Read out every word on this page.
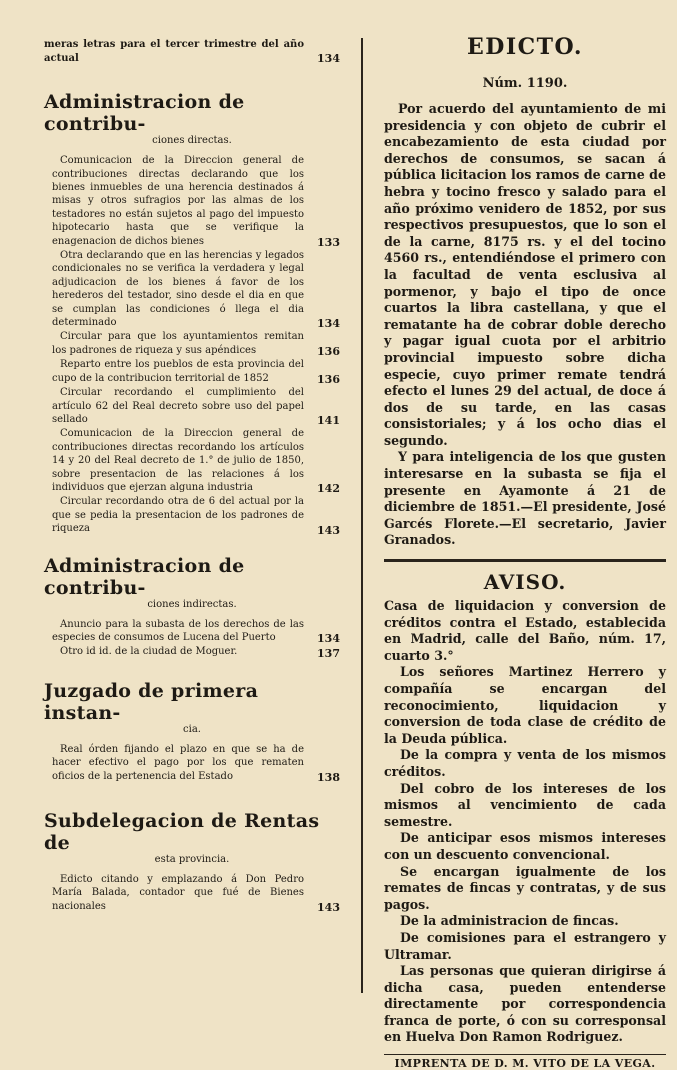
meras letras para el tercer trimestre del año actual	134
Administracion de contribu-
ciones directas.
Comunicacion de la Direccion general de contribuciones directas declarando que los bienes inmuebles de una herencia destinados á misas y otros sufragios por las almas de los testadores no están sujetos al pago del impuesto hipotecario hasta que se verifique la enagenacion de dichos bienes	133
Otra declarando que en las herencias y legados condicionales no se verifica la verdadera y legal adjudicacion de los bienes á favor de los herederos del testador, sino desde el dia en que se cumplan las condiciones ó llega el dia determinado	134
Circular para que los ayuntamientos remitan los padrones de riqueza y sus apéndices	136
Reparto entre los pueblos de esta provincia del cupo de la contribucion territorial de 1852	136
Circular recordando el cumplimiento del artículo 62 del Real decreto sobre uso del papel sellado	141
Comunicacion de la Direccion general de contribuciones directas recordando los artículos 14 y 20 del Real decreto de 1.° de julio de 1850, sobre presentacion de las relaciones á los individuos que ejerzan alguna industria	142
Circular recordando otra de 6 del actual por la que se pedia la presentacion de los padrones de riqueza	143
Administracion de contribu-
ciones indirectas.
Anuncio para la subasta de los derechos de las especies de consumos de Lucena del Puerto	134
Otro id id. de la ciudad de Moguer.	137
Juzgado de primera instan-
cia.
Real órden fijando el plazo en que se ha de hacer efectivo el pago por los que rematen oficios de la pertenencia del Estado	138
Subdelegacion de Rentas de
esta provincia.
Edicto citando y emplazando á Don Pedro María Balada, contador que fué de Bienes nacionales	143
EDICTO.
Núm. 1190.

Por acuerdo del ayuntamiento de mi presidencia y con objeto de cubrir el encabezamiento de esta ciudad por derechos de consumos, se sacan á pública licitacion los ramos de carne de hebra y tocino fresco y salado para el año próximo venidero de 1852, por sus respectivos presupuestos, que lo son el de la carne, 8175 rs. y el del tocino 4560 rs., entendiéndose el primero con la facultad de venta esclusiva al pormenor, y bajo el tipo de once cuartos la libra castellana, y que el rematante ha de cobrar doble derecho y pagar igual cuota por el arbitrio provincial impuesto sobre dicha especie, cuyo primer remate tendrá efecto el lunes 29 del actual, de doce á dos de su tarde, en las casas consistoriales; y á los ocho dias el segundo.

Y para inteligencia de los que gusten interesarse en la subasta se fija el presente en Ayamonte á 21 de diciembre de 1851.—El presidente, José Garcés Florete.—El secretario, Javier Granados.

AVISO.

Casa de liquidacion y conversion de créditos contra el Estado, establecida en Madrid, calle del Baño, núm. 17, cuarto 3.°

Los señores Martinez Herrero y compañía se encargan del reconocimiento, liquidacion y conversion de toda clase de crédito de la Deuda pública.

De la compra y venta de los mismos créditos.

Del cobro de los intereses de los mismos al vencimiento de cada semestre.

De anticipar esos mismos intereses con un descuento convencional.

Se encargan igualmente de los remates de fincas y contratas, y de sus pagos.

De la administracion de fincas.

De comisiones para el estrangero y Ultramar.

Las personas que quieran dirigirse á dicha casa, pueden entenderse directamente por correspondencia franca de porte, ó con su corresponsal en Huelva Don Ramon Rodriguez.

IMPRENTA DE D. M. VITO DE LA VEGA.
